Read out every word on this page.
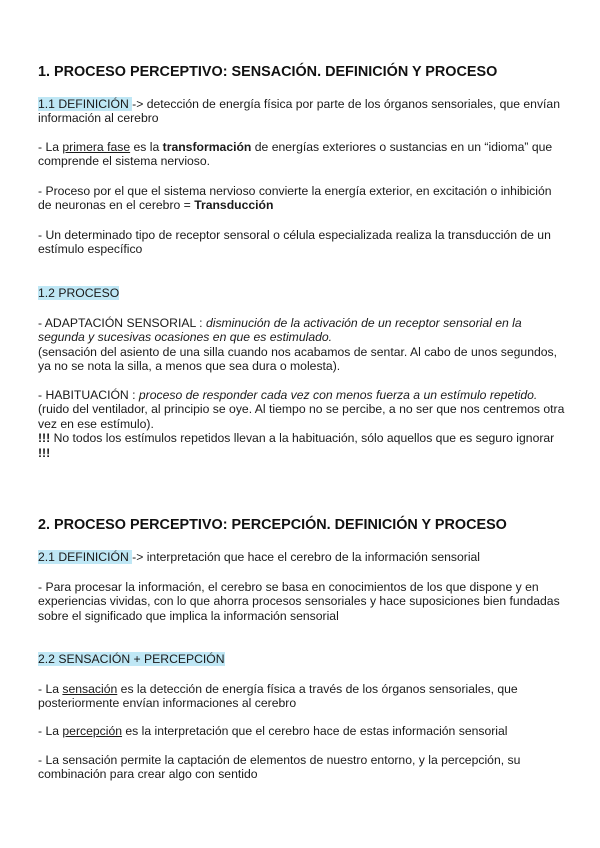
1. PROCESO PERCEPTIVO: SENSACIÓN. DEFINICIÓN Y PROCESO
1.1 DEFINICIÓN -> detección de energía física por parte de los órganos sensoriales, que envían información al cerebro
- La primera fase es la transformación de energías exteriores o sustancias en un “idioma” que comprende el sistema nervioso.
- Proceso por el que el sistema nervioso convierte la energía exterior, en excitación o inhibición de neuronas en el cerebro = Transducción
- Un determinado tipo de receptor sensoral o célula especializada realiza la transducción de un estímulo específico
1.2 PROCESO
- ADAPTACIÓN SENSORIAL : disminución de la activación de un receptor sensorial en la segunda y sucesivas ocasiones en que es estimulado.
(sensación del asiento de una silla cuando nos acabamos de sentar. Al cabo de unos segundos, ya no se nota la silla, a menos que sea dura o molesta).
- HABITUACIÓN : proceso de responder cada vez con menos fuerza a un estímulo repetido.
(ruido del ventilador, al principio se oye. Al tiempo no se percibe, a no ser que nos centremos otra vez en ese estímulo).
!!! No todos los estímulos repetidos llevan a la habituación, sólo aquellos que es seguro ignorar !!!
2. PROCESO PERCEPTIVO: PERCEPCIÓN. DEFINICIÓN Y PROCESO
2.1 DEFINICIÓN -> interpretación que hace el cerebro de la información sensorial
- Para procesar la información, el cerebro se basa en conocimientos de los que dispone y en experiencias vividas, con lo que ahorra procesos sensoriales y hace suposiciones bien fundadas sobre el significado que implica la información sensorial
2.2 SENSACIÓN + PERCEPCIÓN
- La sensación es la detección de energía física a través de los órganos sensoriales, que posteriormente envían informaciones al cerebro
- La percepción es la interpretación que el cerebro hace de estas información sensorial
- La sensación permite la captación de elementos de nuestro entorno, y la percepción, su combinación para crear algo con sentido
